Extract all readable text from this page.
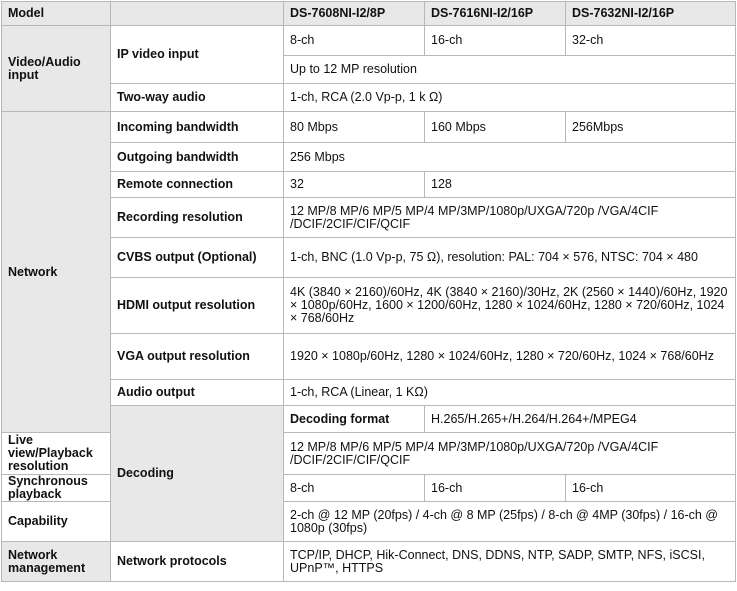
Model		DS-7608NI-I2/8P	DS-7616NI-I2/16P	DS-7632NI-I2/16P
Video/Audio input	IP video input	8-ch	16-ch	32-ch
		Up to 12 MP resolution		
	Two-way audio	1-ch, RCA (2.0 Vp-p, 1 k Ω)		
Network	Incoming bandwidth	80 Mbps	160 Mbps	256Mbps
	Outgoing bandwidth	256 Mbps		
	Remote connection	32	128	
	Recording resolution	12 MP/8 MP/6 MP/5 MP/4 MP/3MP/1080p/UXGA/720p /VGA/4CIF /DCIF/2CIF/CIF/QCIF		
	CVBS output (Optional)	1-ch, BNC (1.0 Vp-p, 75 Ω), resolution: PAL: 704 × 576, NTSC: 704 × 480		
	HDMI output resolution	4K (3840 × 2160)/60Hz, 4K (3840 × 2160)/30Hz, 2K (2560 × 1440)/60Hz, 1920 × 1080p/60Hz, 1600 × 1200/60Hz, 1280 × 1024/60Hz, 1280 × 720/60Hz, 1024 × 768/60Hz		
	VGA output resolution	1920 × 1080p/60Hz, 1280 × 1024/60Hz, 1280 × 720/60Hz, 1024 × 768/60Hz		
	Audio output	1-ch, RCA (Linear, 1 KΩ)		
	Decoding	Decoding format	H.265/H.265+/H.264/H.264+/MPEG4	
Live view/Playback resolution		12 MP/8 MP/6 MP/5 MP/4 MP/3MP/1080p/UXGA/720p /VGA/4CIF /DCIF/2CIF/CIF/QCIF		
Synchronous playback		8-ch	16-ch	16-ch
Capability		2-ch @ 12 MP (20fps) / 4-ch @ 8 MP (25fps) / 8-ch @ 4MP (30fps) / 16-ch @ 1080p (30fps)		
Network management	Network protocols	TCP/IP, DHCP, Hik-Connect, DNS, DDNS, NTP, SADP, SMTP, NFS, iSCSI, UPnP™, HTTPS		
